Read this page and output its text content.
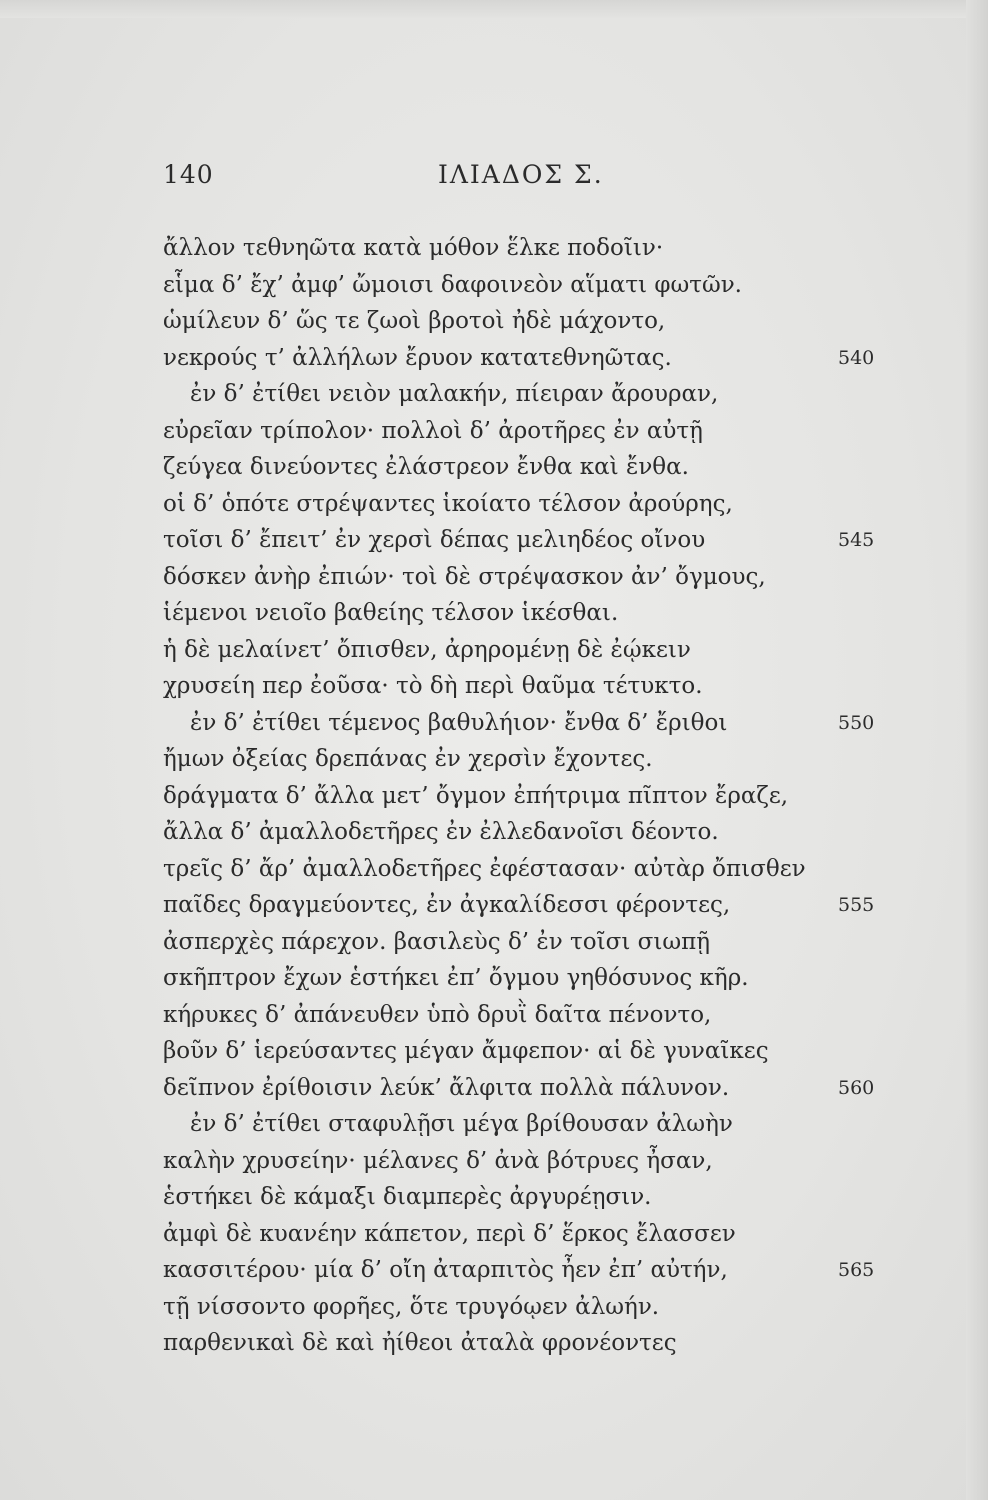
140	ΙΛΙΑΔΟΣ Σ.
ἄλλον τεθνηῶτα κατὰ μόθον ἕλκε ποδοῖιν·
εἷμα δ’ ἔχ’ ἀμφ’ ὤμοισι δαφοινεὸν αἵματι φωτῶν.
ὡμίλευν δ’ ὥς τε ζωοὶ βροτοὶ ἠδὲ μάχοντο,
νεκρούς τ’ ἀλλήλων ἔρυον κατατεθνηῶτας.	540
ἐν δ’ ἐτίθει νειὸν μαλακήν, πίειραν ἄρουραν,
εὐρεῖαν τρίπολον· πολλοὶ δ’ ἀροτῆρες ἐν αὐτῇ
ζεύγεα δινεύοντες ἐλάστρεον ἔνθα καὶ ἔνθα.
οἱ δ’ ὁπότε στρέψαντες ἱκοίατο τέλσον ἀρούρης,
τοῖσι δ’ ἔπειτ’ ἐν χερσὶ δέπας μελιηδέος οἴνου	545
δόσκεν ἀνὴρ ἐπιών· τοὶ δὲ στρέψασκον ἀν’ ὄγμους,
ἱέμενοι νειοῖο βαθείης τέλσον ἱκέσθαι.
ἡ δὲ μελαίνετ’ ὄπισθεν, ἀρηρομένῃ δὲ ἐῴκειν
χρυσείη περ ἐοῦσα· τὸ δὴ περὶ θαῦμα τέτυκτο.
ἐν δ’ ἐτίθει τέμενος βαθυλήιον· ἔνθα δ’ ἔριθοι	550
ἤμων ὀξείας δρεπάνας ἐν χερσὶν ἔχοντες.
δράγματα δ’ ἄλλα μετ’ ὄγμον ἐπήτριμα πῖπτον ἔραζε,
ἄλλα δ’ ἀμαλλοδετῆρες ἐν ἐλλεδανοῖσι δέοντο.
τρεῖς δ’ ἄρ’ ἀμαλλοδετῆρες ἐφέστασαν· αὐτὰρ ὄπισθεν
παῖδες δραγμεύοντες, ἐν ἀγκαλίδεσσι φέροντες,	555
ἀσπερχὲς πάρεχον. βασιλεὺς δ’ ἐν τοῖσι σιωπῇ
σκῆπτρον ἔχων ἑστήκει ἐπ’ ὄγμου γηθόσυνος κῆρ.
κήρυκες δ’ ἀπάνευθεν ὑπὸ δρυῒ δαῖτα πένοντο,
βοῦν δ’ ἱερεύσαντες μέγαν ἄμφεπον· αἱ δὲ γυναῖκες
δεῖπνον ἐρίθοισιν λεύκ’ ἄλφιτα πολλὰ πάλυνον.	560
ἐν δ’ ἐτίθει σταφυλῇσι μέγα βρίθουσαν ἀλωὴν
καλὴν χρυσείην· μέλανες δ’ ἀνὰ βότρυες ἦσαν,
ἑστήκει δὲ κάμαξι διαμπερὲς ἀργυρέῃσιν.
ἀμφὶ δὲ κυανέην κάπετον, περὶ δ’ ἕρκος ἔλασσεν
κασσιτέρου· μία δ’ οἴη ἀταρπιτὸς ἦεν ἐπ’ αὐτήν,	565
τῇ νίσσοντο φορῆες, ὅτε τρυγόῳεν ἀλωήν.
παρθενικαὶ δὲ καὶ ἠίθεοι ἀταλὰ φρονέοντες
